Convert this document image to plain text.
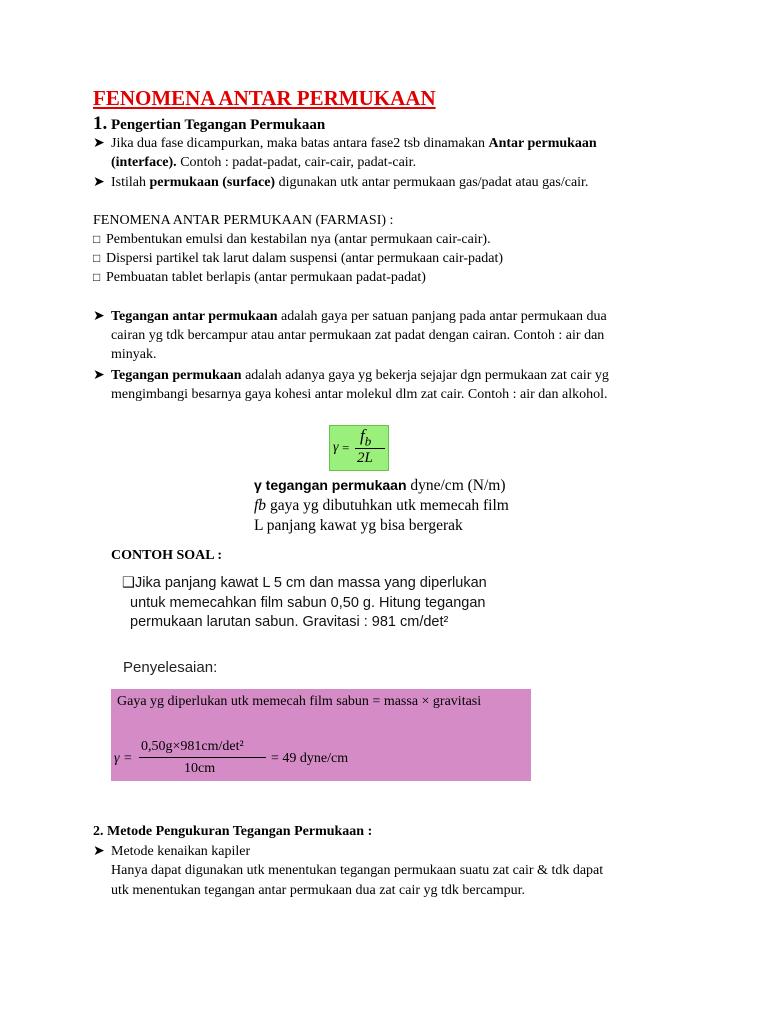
FENOMENA ANTAR PERMUKAAN
1. Pengertian Tegangan Permukaan
➤ Jika dua fase dicampurkan, maka batas antara fase2 tsb dinamakan Antar permukaan
(interface). Contoh : padat-padat, cair-cair, padat-cair.
➤ Istilah permukaan (surface) digunakan utk antar permukaan gas/padat atau gas/cair.
FENOMENA ANTAR PERMUKAAN (FARMASI) :
□ Pembentukan emulsi dan kestabilan nya (antar permukaan cair-cair).
□ Dispersi partikel tak larut dalam suspensi (antar permukaan cair-padat)
□ Pembuatan tablet berlapis (antar permukaan padat-padat)
➤ Tegangan antar permukaan adalah gaya per satuan panjang pada antar permukaan dua
cairan yg tdk bercampur atau antar permukaan zat padat dengan cairan. Contoh : air dan
minyak.
➤ Tegangan permukaan adalah adanya gaya yg bekerja sejajar dgn permukaan zat cair yg
mengimbangi besarnya gaya kohesi antar molekul dlm zat cair. Contoh : air dan alkohol.
γ =
$f_b$
2L
γ tegangan permukaan dyne/cm (N/m)
fb gaya yg dibutuhkan utk memecah film
L panjang kawat yg bisa bergerak
CONTOH SOAL :
❑Jika panjang kawat L 5 cm dan massa yang diperlukan
untuk memecahkan film sabun 0,50 g. Hitung tegangan
permukaan larutan sabun. Gravitasi : 981 cm/det²
Penyelesaian:
Gaya yg diperlukan utk memecah film sabun = massa × gravitasi
γ =
0,50g×981cm/det²
10cm
= 49 dyne/cm
2. Metode Pengukuran Tegangan Permukaan :
➤ Metode kenaikan kapiler
Hanya dapat digunakan utk menentukan tegangan permukaan suatu zat cair & tdk dapat
utk menentukan tegangan antar permukaan dua zat cair yg tdk bercampur.
